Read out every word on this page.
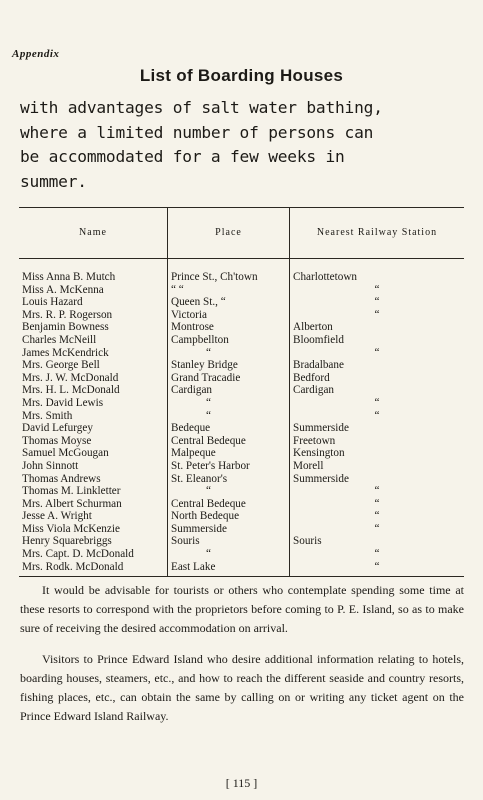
Appendix
List of Boarding Houses
with advantages of salt water bathing,
where a limited number of persons can
be accommodated for a few weeks in
summer.
Name	Place	Nearest Railway Station

Miss Anna B. Mutch	Prince St., Ch'town	Charlottetown
Miss A. McKenna	“ “	“
Louis Hazard	Queen St., “	“
Mrs. R. P. Rogerson	Victoria	“
Benjamin Bowness	Montrose	Alberton
Charles McNeill	Campbellton	Bloomfield
James McKendrick	“	“
Mrs. George Bell	Stanley Bridge	Bradalbane
Mrs. J. W. McDonald	Grand Tracadie	Bedford
Mrs. H. L. McDonald	Cardigan	Cardigan
Mrs. David Lewis	“	“
Mrs. Smith	“	“
David Lefurgey	Bedeque	Summerside
Thomas Moyse	Central Bedeque	Freetown
Samuel McGougan	Malpeque	Kensington
John Sinnott	St. Peter's Harbor	Morell
Thomas Andrews	St. Eleanor's	Summerside
Thomas M. Linkletter	“	“
Mrs. Albert Schurman	Central Bedeque	“
Jesse A. Wright	North Bedeque	“
Miss Viola McKenzie	Summerside	“
Henry Squarebriggs	Souris	Souris
Mrs. Capt. D. McDonald	“	“
Mrs. Rodk. McDonald	East Lake	“

It would be advisable for tourists or others who contemplate spending some time at these resorts to correspond with the proprietors before coming to P. E. Island, so as to make sure of receiving the desired accommodation on arrival.

Visitors to Prince Edward Island who desire additional information relating to hotels, boarding houses, steamers, etc., and how to reach the different seaside and country resorts, fishing places, etc., can obtain the same by calling on or writing any ticket agent on the Prince Edward Island Railway.

[ 115 ]
